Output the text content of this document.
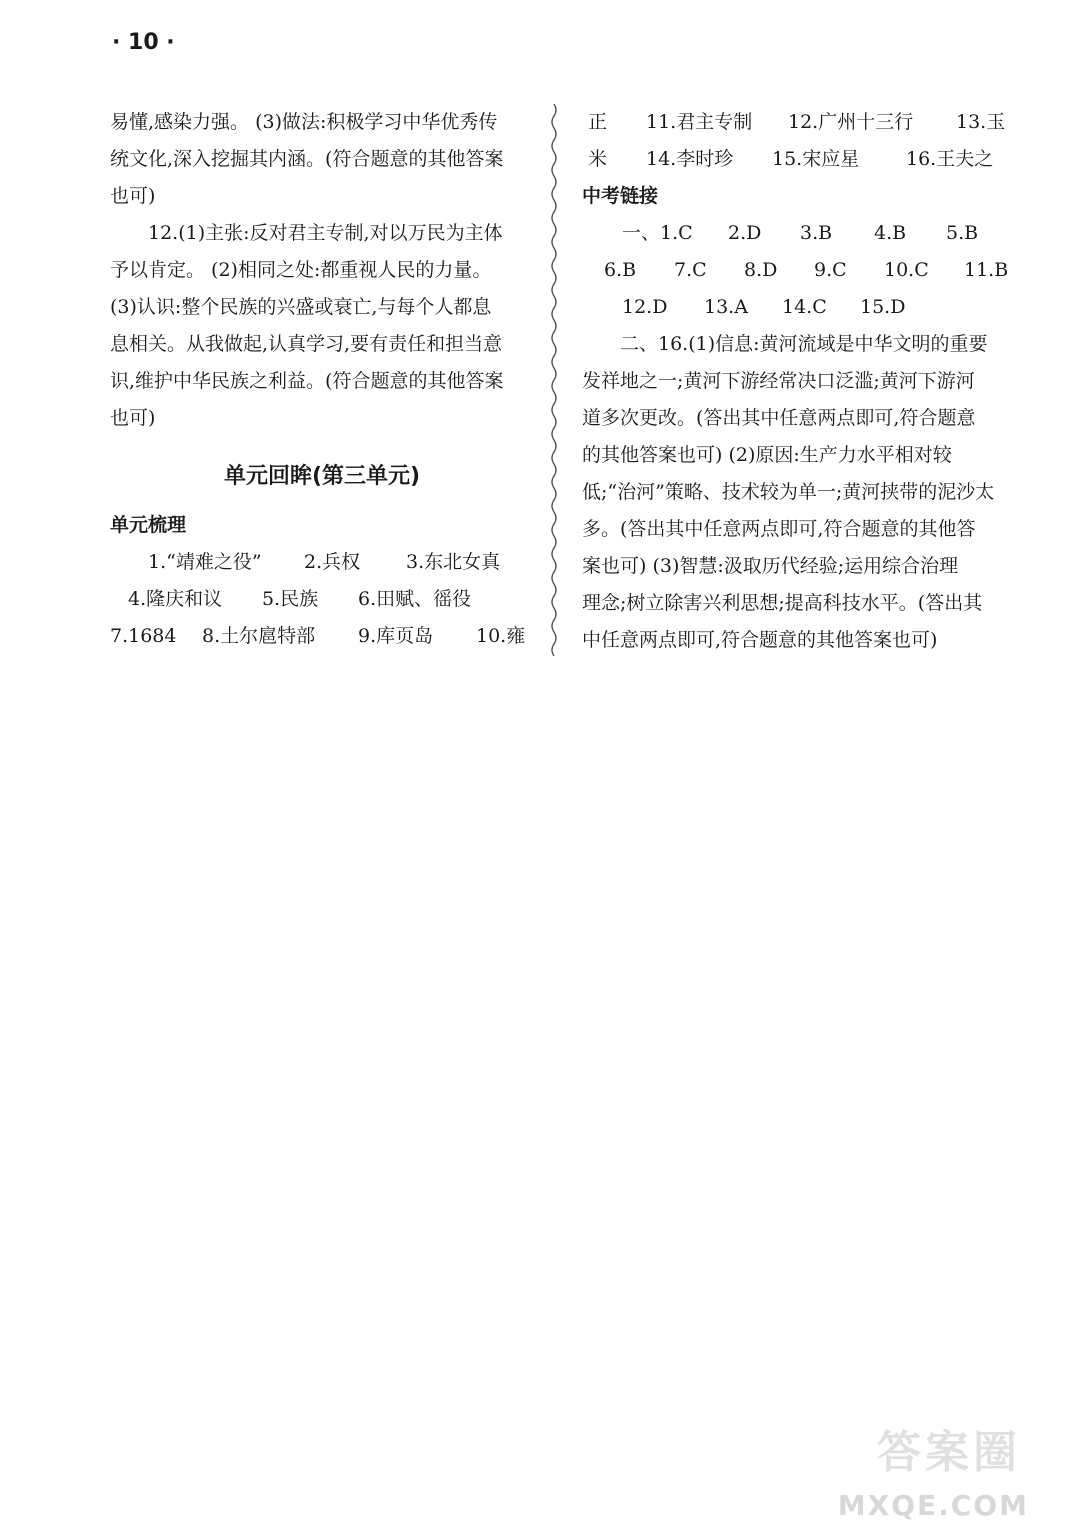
· 10 ·
易懂,感染力强。 (3)做法:积极学习中华优秀传
统文化,深入挖掘其内涵。(符合题意的其他答案
也可)
12.(1)主张:反对君主专制,对以万民为主体
予以肯定。 (2)相同之处:都重视人民的力量。
(3)认识:整个民族的兴盛或衰亡,与每个人都息
息相关。从我做起,认真学习,要有责任和担当意
识,维护中华民族之利益。(符合题意的其他答案
也可)
单元回眸(第三单元)
单元梳理
1.“靖难之役”	2.兵权	3.东北女真
4.隆庆和议	5.民族	6.田赋、徭役
7.1684	8.土尔扈特部	9.库页岛	10.雍
正	11.君主专制	12.广州十三行	13.玉
米	14.李时珍	15.宋应星	16.王夫之
中考链接
一、1.C	2.D	3.B	4.B	5.B
6.B	7.C	8.D	9.C	10.C	11.B
12.D	13.A	14.C	15.D
二、16.(1)信息:黄河流域是中华文明的重要
发祥地之一;黄河下游经常决口泛滥;黄河下游河
道多次更改。(答出其中任意两点即可,符合题意
的其他答案也可) (2)原因:生产力水平相对较
低;“治河”策略、技术较为单一;黄河挟带的泥沙太
多。(答出其中任意两点即可,符合题意的其他答
案也可) (3)智慧:汲取历代经验;运用综合治理
理念;树立除害兴利思想;提高科技水平。(答出其
中任意两点即可,符合题意的其他答案也可)
答案圈
MXQE.COM
